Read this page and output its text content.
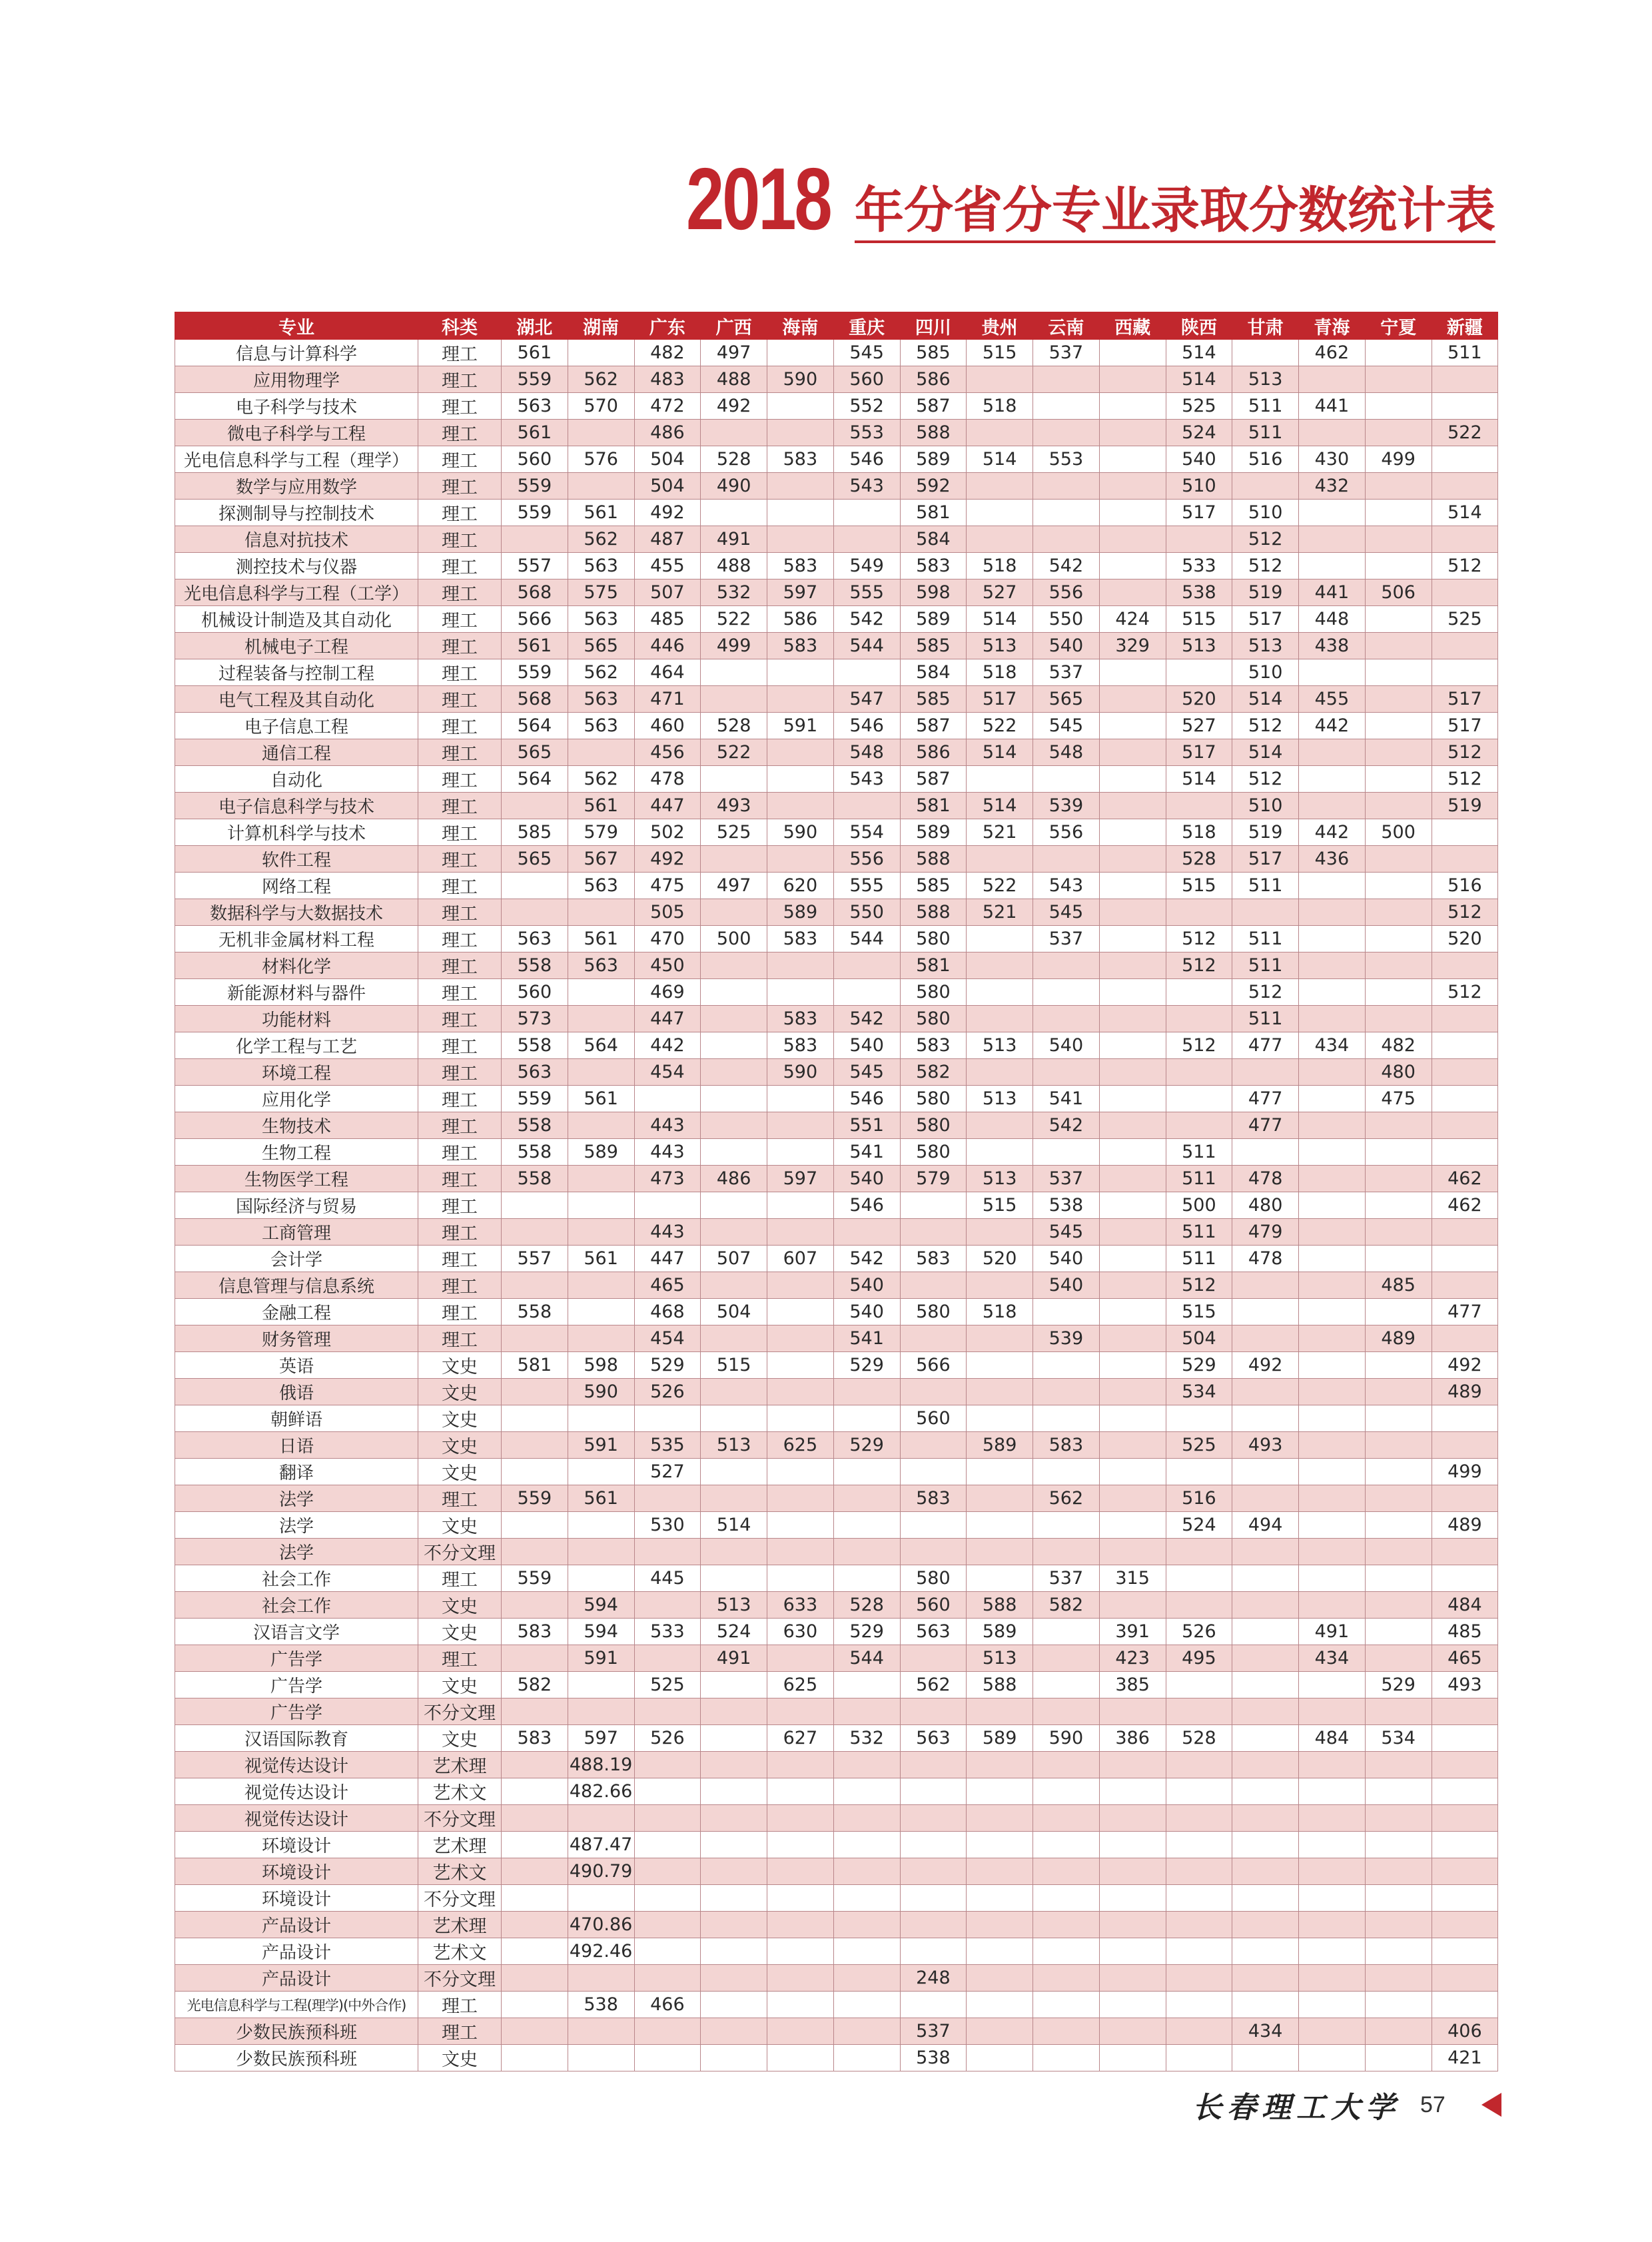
2018 年分省分专业录取分数统计表
专业	科类	湖北	湖南	广东	广西	海南	重庆	四川	贵州	云南	西藏	陕西	甘肃	青海	宁夏	新疆
信息与计算科学	理工	561		482	497		545	585	515	537		514		462		511
应用物理学	理工	559	562	483	488	590	560	586				514	513			
电子科学与技术	理工	563	570	472	492		552	587	518			525	511	441		
微电子科学与工程	理工	561		486			553	588				524	511			522
光电信息科学与工程（理学）	理工	560	576	504	528	583	546	589	514	553		540	516	430	499	
数学与应用数学	理工	559		504	490		543	592				510		432		
探测制导与控制技术	理工	559	561	492				581				517	510			514
信息对抗技术	理工		562	487	491			584					512			
测控技术与仪器	理工	557	563	455	488	583	549	583	518	542		533	512			512
光电信息科学与工程（工学）	理工	568	575	507	532	597	555	598	527	556		538	519	441	506	
机械设计制造及其自动化	理工	566	563	485	522	586	542	589	514	550	424	515	517	448		525
机械电子工程	理工	561	565	446	499	583	544	585	513	540	329	513	513	438		
过程装备与控制工程	理工	559	562	464				584	518	537			510			
电气工程及其自动化	理工	568	563	471			547	585	517	565		520	514	455		517
电子信息工程	理工	564	563	460	528	591	546	587	522	545		527	512	442		517
通信工程	理工	565		456	522		548	586	514	548		517	514			512
自动化	理工	564	562	478			543	587				514	512			512
电子信息科学与技术	理工		561	447	493			581	514	539			510			519
计算机科学与技术	理工	585	579	502	525	590	554	589	521	556		518	519	442	500	
软件工程	理工	565	567	492			556	588				528	517	436		
网络工程	理工		563	475	497	620	555	585	522	543		515	511			516
数据科学与大数据技术	理工			505		589	550	588	521	545						512
无机非金属材料工程	理工	563	561	470	500	583	544	580		537		512	511			520
材料化学	理工	558	563	450				581				512	511			
新能源材料与器件	理工	560		469				580					512			512
功能材料	理工	573		447		583	542	580					511			
化学工程与工艺	理工	558	564	442		583	540	583	513	540		512	477	434	482	
环境工程	理工	563		454		590	545	582							480	
应用化学	理工	559	561				546	580	513	541			477		475	
生物技术	理工	558		443			551	580		542			477			
生物工程	理工	558	589	443			541	580				511				
生物医学工程	理工	558		473	486	597	540	579	513	537		511	478			462
国际经济与贸易	理工						546		515	538		500	480			462
工商管理	理工			443						545		511	479			
会计学	理工	557	561	447	507	607	542	583	520	540		511	478			
信息管理与信息系统	理工			465			540			540		512			485	
金融工程	理工	558		468	504		540	580	518			515				477
财务管理	理工			454			541			539		504			489	
英语	文史	581	598	529	515		529	566				529	492			492
俄语	文史		590	526								534				489
朝鲜语	文史							560								
日语	文史		591	535	513	625	529		589	583		525	493			
翻译	文史			527												499
法学	理工	559	561					583		562		516				
法学	文史			530	514							524	494			489
法学	不分文理															
社会工作	理工	559		445				580		537	315					
社会工作	文史		594		513	633	528	560	588	582						484
汉语言文学	文史	583	594	533	524	630	529	563	589		391	526		491		485
广告学	理工		591		491		544		513		423	495		434		465
广告学	文史	582		525		625		562	588		385				529	493
广告学	不分文理															
汉语国际教育	文史	583	597	526		627	532	563	589	590	386	528		484	534	
视觉传达设计	艺术理		488.19													
视觉传达设计	艺术文		482.66													
视觉传达设计	不分文理															
环境设计	艺术理		487.47													
环境设计	艺术文		490.79													
环境设计	不分文理															
产品设计	艺术理		470.86													
产品设计	艺术文		492.46													
产品设计	不分文理							248								
光电信息科学与工程(理学)(中外合作)	理工		538	466												
少数民族预科班	理工							537					434			406
少数民族预科班	文史							538								421
长春理工大学 57
